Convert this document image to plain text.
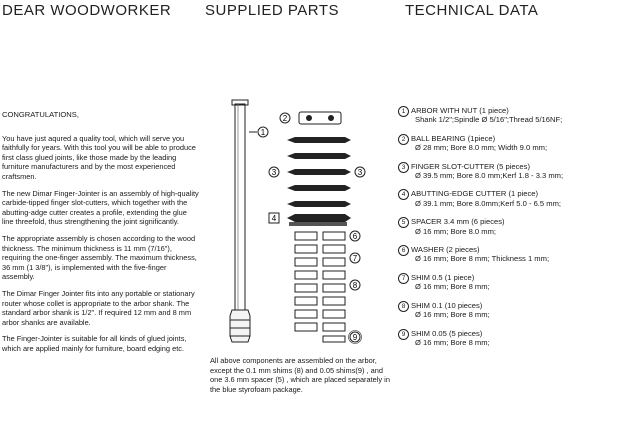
DEAR WOODWORKER SUPPLIED PARTS	TECHNICAL DATA

CONGRATULATIONS,

You have just aqured a quality tool, which will serve you faithfully for years. With this tool you will be able to produce first class glued joints, like those made by the leading furniture manufacturers and by the most experienced craftsmen.

The new Dimar Finger-Jointer is an assembly of high-quality carbide-tipped finger slot-cutters, which together with the abutting-adge cutter creates a profile, extending the glue line threefold, thus strengthening the joint significantly.

The appropriate assembly is chosen according to the wood thickness. The minimum thickness is 11 mm (7/16"), requiring the one-finger assembly. The maximum thickness, 36 mm (1 3/8"), is implemented with the five-finger assembly.

The Dimar Finger Jointer fits into any portable or stationary router whose collet is appropriate to the arbor shank. The standard arbor shank is 1/2". If required 12 mm and 8 mm arbor shanks are available.

The Finger-Jointer is suitable for all kinds of glued joints, which are applied mainly for furniture, board edging etc.

1
2
3	3
4
6
7
8
9

All above components are assembled on the arbor, except the 0.1 mm shims (8) and 0.05 shims(9) , and one 3.6 mm spacer (5) , which are placed separately in the blue styrofoam package.

1 ARBOR WITH NUT (1 piece)
Shank 1/2";Spindle Ø 5/16";Thread 5/16NF;
2 BALL BEARING (1piece)
Ø 28 mm; Bore 8.0 mm; Width 9.0 mm;
3 FINGER SLOT-CUTTER (5 pieces)
Ø 39.5 mm; Bore 8.0 mm;Kerf 1.8 - 3.3 mm;
4 ABUTTING-EDGE CUTTER (1 piece)
Ø 39.1 mm; Bore 8.0mm;Kerf 5.0 - 6.5 mm;
5 SPACER 3.4 mm (6 pieces)
Ø 16 mm; Bore 8.0 mm;
6 WASHER (2 pieces)
Ø 16 mm; Bore 8 mm; Thickness 1 mm;
7 SHIM 0.5 (1 piece)
Ø 16 mm; Bore 8 mm;
8 SHIM 0.1 (10 pieces)
Ø 16 mm; Bore 8 mm;
9 SHIM 0.05 (5 pieces)
Ø 16 mm; Bore 8 mm;
